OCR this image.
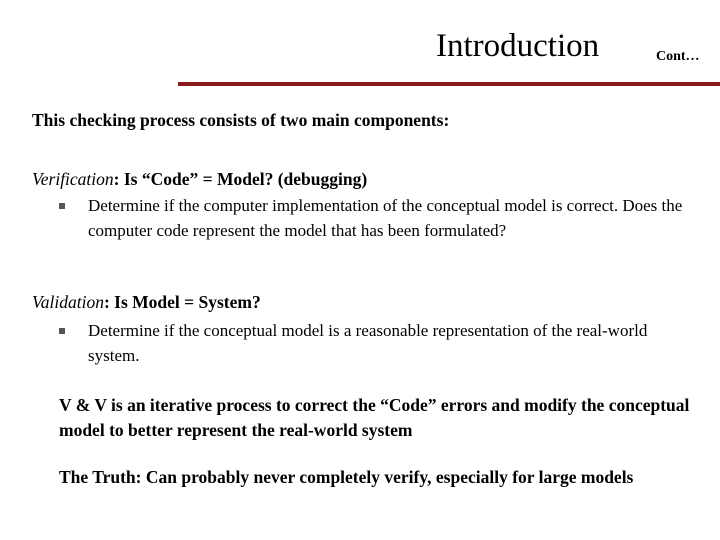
Introduction	Cont…
This checking process consists of two main components:
Verification: Is “Code” = Model? (debugging)
Determine if the computer implementation of the conceptual model is correct. Does the computer code represent the model that has been formulated?
Validation: Is Model = System?
Determine if the conceptual model is a reasonable representation of the real-world system.
V & V is an iterative process to correct the “Code” errors and modify the conceptual model to better represent the real-world system
The Truth: Can probably never completely verify, especially for large models
